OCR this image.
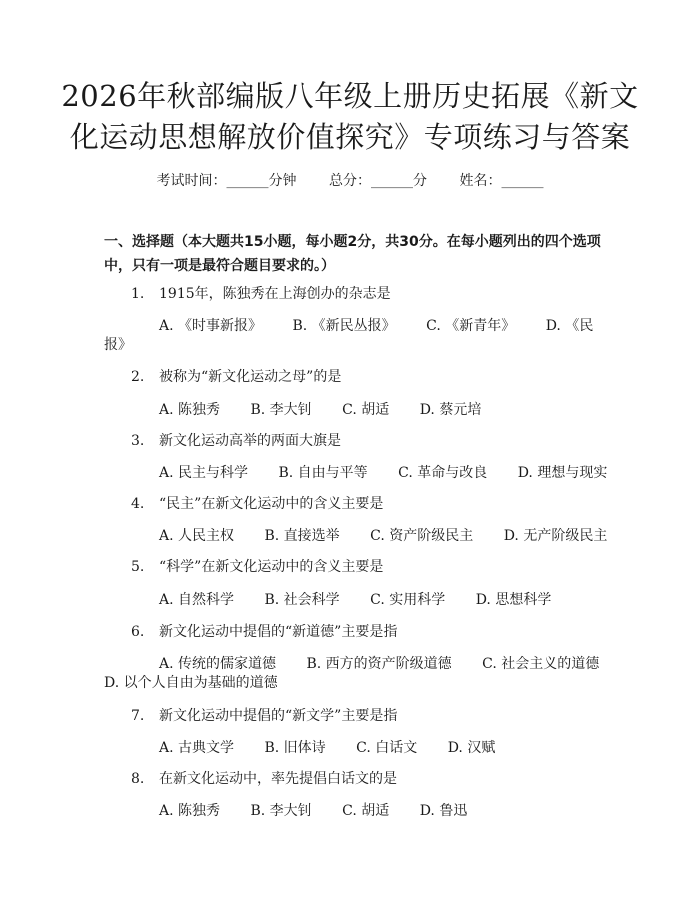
2026年秋部编版八年级上册历史拓展《新文化运动思想解放价值探究》专项练习与答案
考试时间：______分钟 总分：______分 姓名：______
一、选择题（本大题共15小题，每小题2分，共30分。在每小题列出的四个选项中，只有一项是最符合题目要求的。）
1. 1915年，陈独秀在上海创办的杂志是
A. 《时事新报》 B. 《新民丛报》 C. 《新青年》 D. 《民
报》
2. 被称为“新文化运动之母”的是
A. 陈独秀 B. 李大钊 C. 胡适 D. 蔡元培
3. 新文化运动高举的两面大旗是
A. 民主与科学 B. 自由与平等 C. 革命与改良 D. 理想与现实
4. “民主”在新文化运动中的含义主要是
A. 人民主权 B. 直接选举 C. 资产阶级民主 D. 无产阶级民主
5. “科学”在新文化运动中的含义主要是
A. 自然科学 B. 社会科学 C. 实用科学 D. 思想科学
6. 新文化运动中提倡的“新道德”主要是指
A. 传统的儒家道德 B. 西方的资产阶级道德 C. 社会主义的道德
D. 以个人自由为基础的道德
7. 新文化运动中提倡的“新文学”主要是指
A. 古典文学 B. 旧体诗 C. 白话文 D. 汉赋
8. 在新文化运动中，率先提倡白话文的是
A. 陈独秀 B. 李大钊 C. 胡适 D. 鲁迅
